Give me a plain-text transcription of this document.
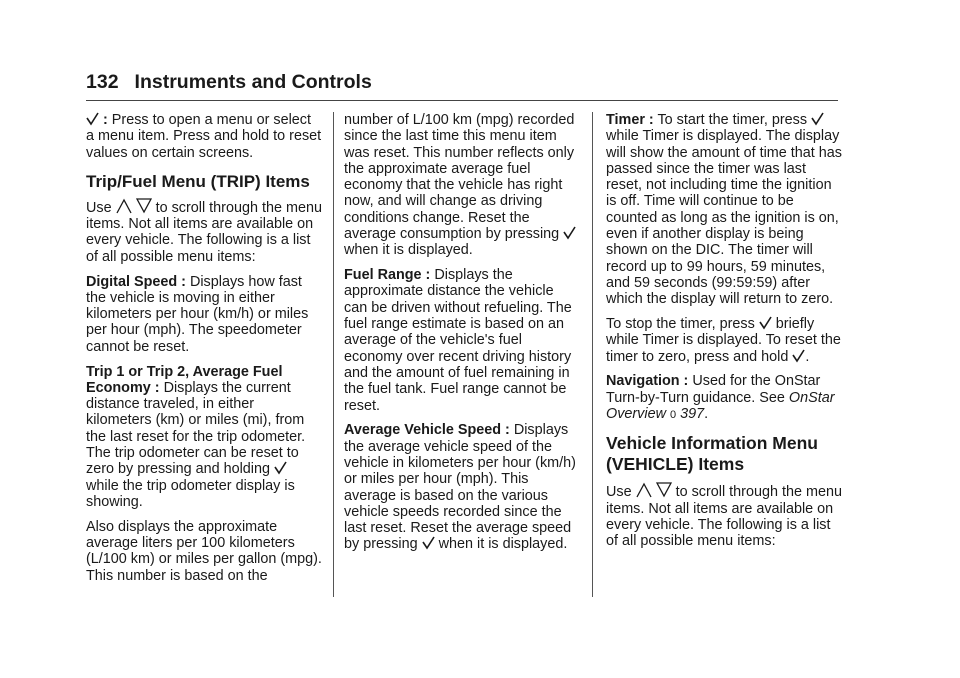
132 Instruments and Controls

: Press to open a menu or select a menu item. Press and hold to reset values on certain screens.

Trip/Fuel Menu (TRIP) Items

Use	to scroll through the menu items. Not all items are available on every vehicle. The following is a list of all possible menu items:

Digital Speed : Displays how fast the vehicle is moving in either kilometers per hour (km/h) or miles per hour (mph). The speedometer cannot be reset.

Trip 1 or Trip 2, Average Fuel Economy : Displays the current distance traveled, in either kilometers (km) or miles (mi), from the last reset for the trip odometer. The trip odometer can be reset to zero by pressing and holding  while the trip odometer display is showing.

Also displays the approximate average liters per 100 kilometers (L/100 km) or miles per gallon (mpg). This number is based on the

number of L/100 km (mpg) recorded since the last time this menu item was reset. This number reflects only the approximate average fuel economy that the vehicle has right now, and will change as driving conditions change. Reset the average consumption by pressing  when it is displayed.

Fuel Range : Displays the approximate distance the vehicle can be driven without refueling. The fuel range estimate is based on an average of the vehicle's fuel economy over recent driving history and the amount of fuel remaining in the fuel tank. Fuel range cannot be reset.

Average Vehicle Speed : Displays the average vehicle speed of the vehicle in kilometers per hour (km/h) or miles per hour (mph). This average is based on the various vehicle speeds recorded since the last reset. Reset the average speed by pressing when it is displayed.

Timer : To start the timer, press  while Timer is displayed. The display will show the amount of time that has passed since the timer was last reset, not including time the ignition is off. Time will continue to be counted as long as the ignition is on, even if another display is being shown on the DIC. The timer will record up to 99 hours, 59 minutes, and 59 seconds (99:59:59) after which the display will return to zero.

To stop the timer, press briefly while Timer is displayed. To reset the timer to zero, press and hold .

Navigation : Used for the OnStar Turn-by-Turn guidance. See OnStar Overview 0 397.

Vehicle Information Menu (VEHICLE) Items

Use	to scroll through the menu items. Not all items are available on every vehicle. The following is a list of all possible menu items:
